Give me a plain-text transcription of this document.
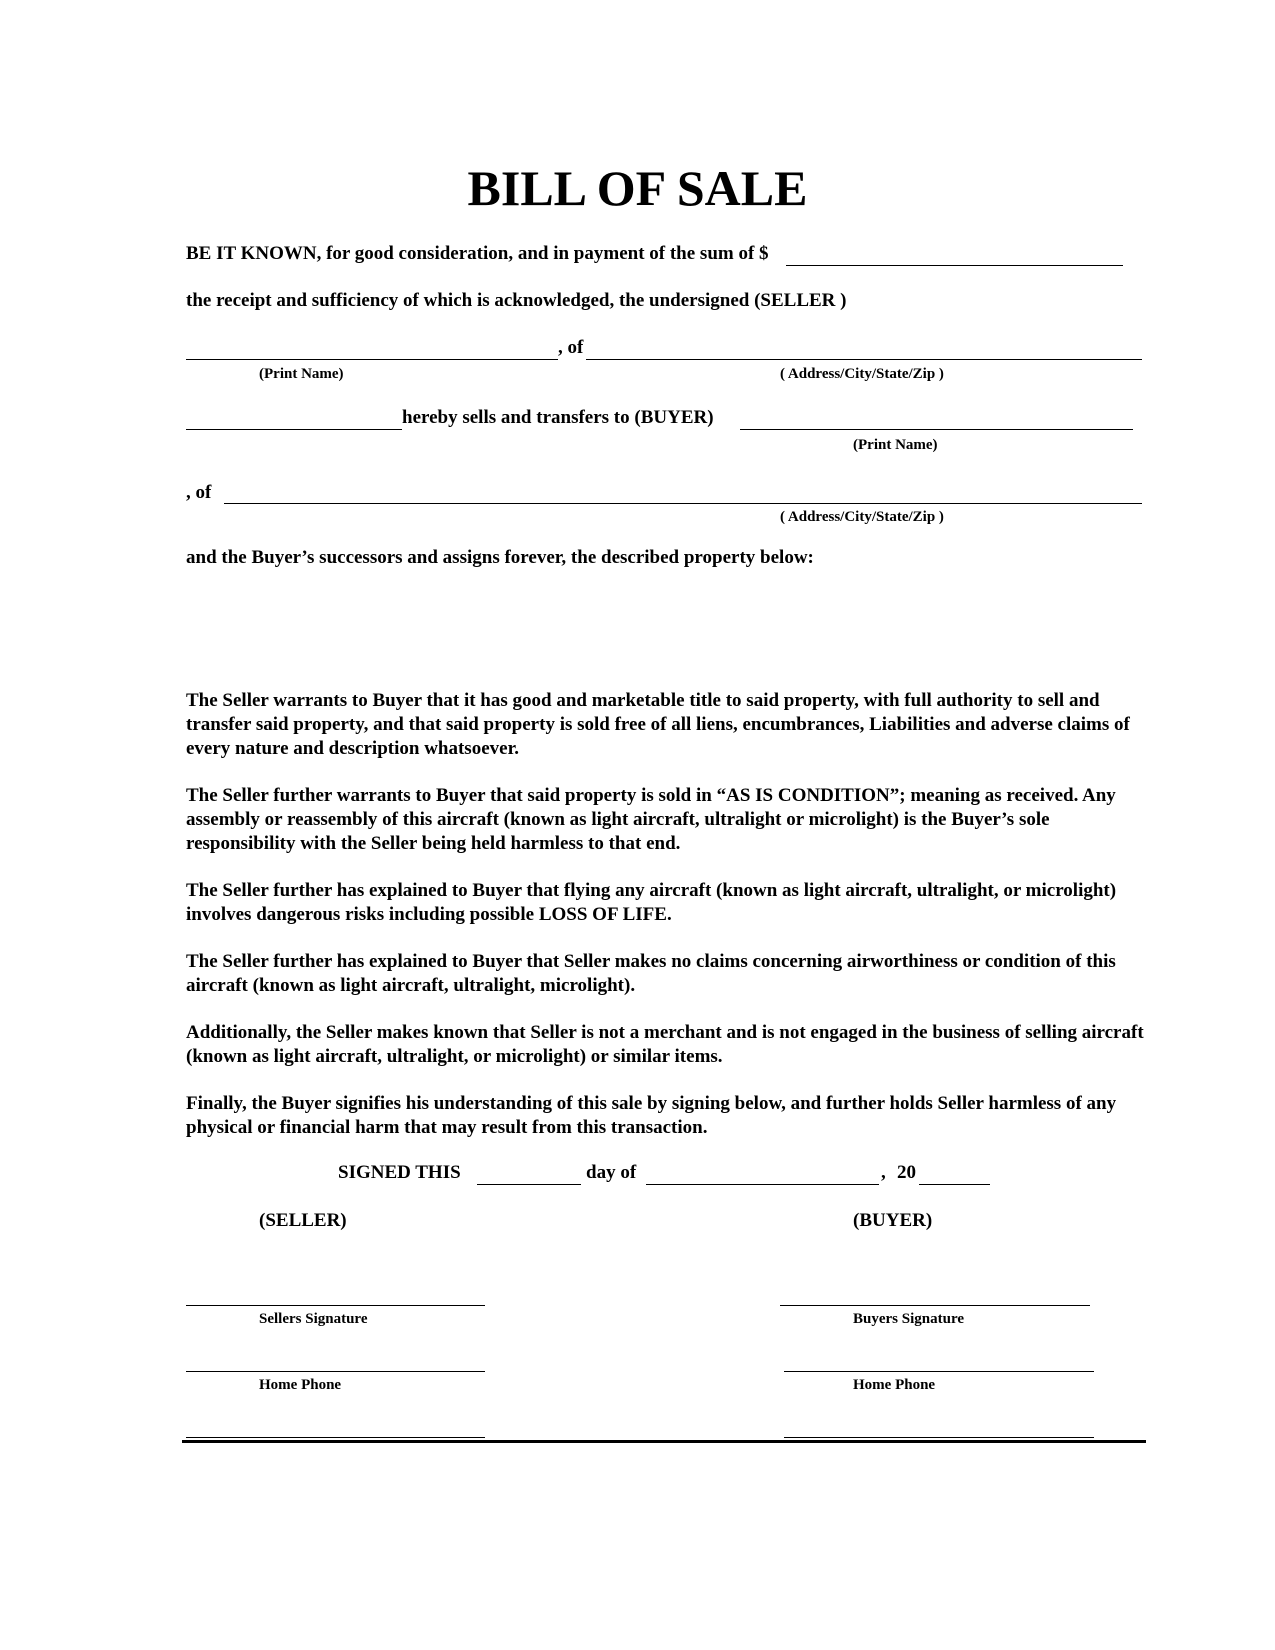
BILL OF SALE
BE IT KNOWN, for good consideration, and in payment of the sum of $
the receipt and sufficiency of which is acknowledged, the undersigned (SELLER )
, of
(Print Name)	( Address/City/State/Zip )
hereby sells and transfers to (BUYER)
(Print Name)
, of
( Address/City/State/Zip )
and the Buyer’s successors and assigns forever, the described property below:
The Seller warrants to Buyer that it has good and marketable title to said property, with full authority to sell and transfer said property, and that said property is sold free of all liens, encumbrances, Liabilities and adverse claims of every nature and description whatsoever.
The Seller further warrants to Buyer that said property is sold in “AS IS CONDITION”; meaning as received. Any assembly or reassembly of this aircraft (known as light aircraft, ultralight or microlight) is the Buyer’s sole responsibility with the Seller being held harmless to that end.
The Seller further has explained to Buyer that flying any aircraft (known as light aircraft, ultralight, or microlight) involves dangerous risks including possible LOSS OF LIFE.
The Seller further has explained to Buyer that Seller makes no claims concerning airworthiness or condition of this aircraft (known as light aircraft, ultralight, microlight).
Additionally, the Seller makes known that Seller is not a merchant and is not engaged in the business of selling aircraft (known as light aircraft, ultralight, or microlight) or similar items.
Finally, the Buyer signifies his understanding of this sale by signing below, and further holds Seller harmless of any physical or financial harm that may result from this transaction.
SIGNED THIS	day of	, 20
(SELLER)	(BUYER)
Sellers Signature	Buyers Signature
Home Phone	Home Phone
